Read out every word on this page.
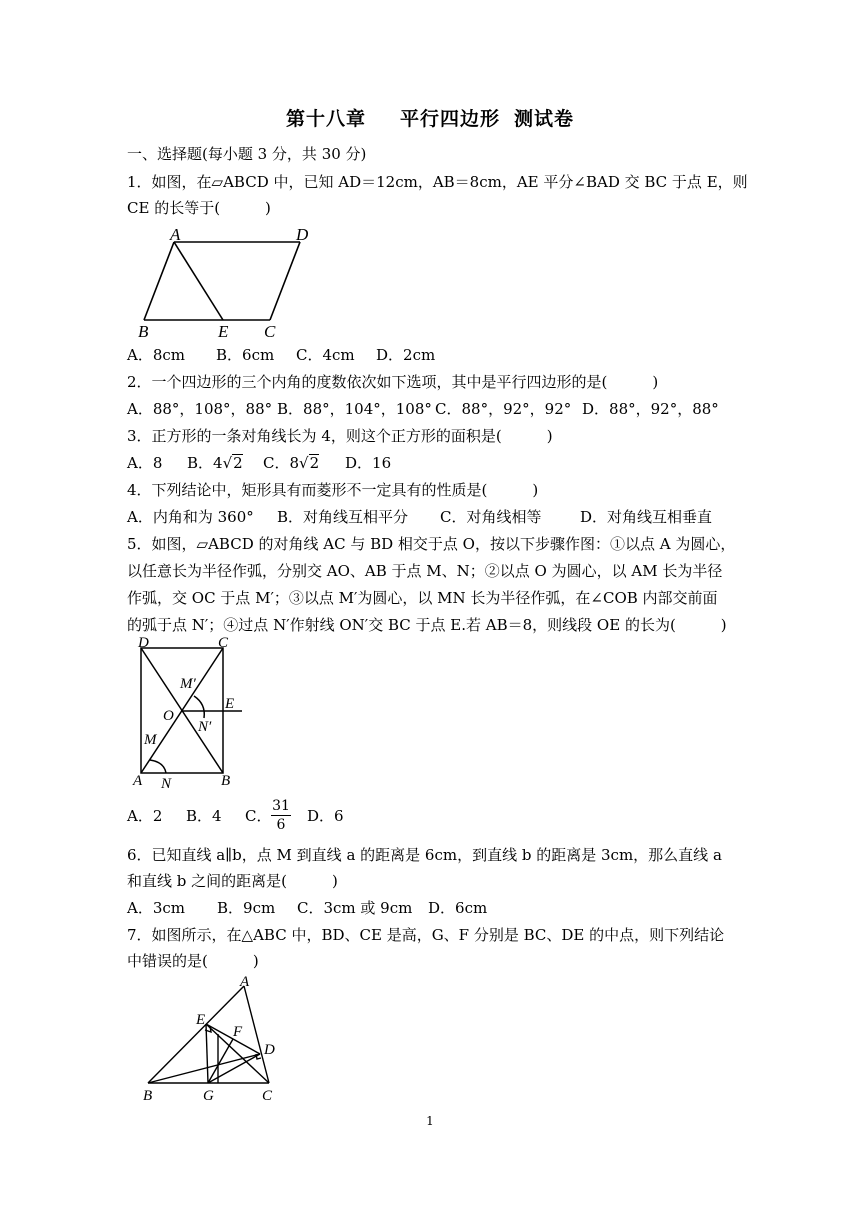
第十八章 平行四边形 测试卷
一、选择题(每小题 3 分，共 30 分)
1．如图，在▱ABCD 中，已知 AD＝12cm，AB＝8cm，AE 平分∠BAD 交 BC 于点 E，则
CE 的长等于(　　　)
A	D
B	E C
A．8cm B．6cm C．4cm D．2cm
2．一个四边形的三个内角的度数依次如下选项，其中是平行四边形的是(　　　)
A．88°，108°，88° B．88°，104°，108° C．88°，92°，92° D．88°，92°，88°
3．正方形的一条对角线长为 4，则这个正方形的面积是(　　　)
A．8 B．4√2 C．8√2 D．16
4．下列结论中，矩形具有而菱形不一定具有的性质是(　　　)
A．内角和为 360° B．对角线互相平分 C．对角线相等	D．对角线互相垂直
5．如图，▱ABCD 的对角线 AC 与 BD 相交于点 O，按以下步骤作图：①以点 A 为圆心，
以任意长为半径作弧，分别交 AO、AB 于点 M、N；②以点 O 为圆心，以 AM 长为半径
作弧，交 OC 于点 M′；③以点 M′为圆心，以 MN 长为半径作弧，在∠COB 内部交前面
的弧于点 N′；④过点 N′作射线 ON′交 BC 于点 E.若 AB＝8，则线段 OE 的长为(　　　)
D	C
M′
E
O
N′
M
A N	B
A．2 B．4 C．
31
6	D．6
6．已知直线 a∥b，点 M 到直线 a 的距离是 6cm，到直线 b 的距离是 3cm，那么直线 a
和直线 b 之间的距离是(　　　)
A．3cm B．9cm C．3cm 或 9cm D．6cm
7．如图所示，在△ABC 中，BD、CE 是高，G、F 分别是 BC、DE 的中点，则下列结论
中错误的是(　　　)
A
E
F
D
B	G	C
1
